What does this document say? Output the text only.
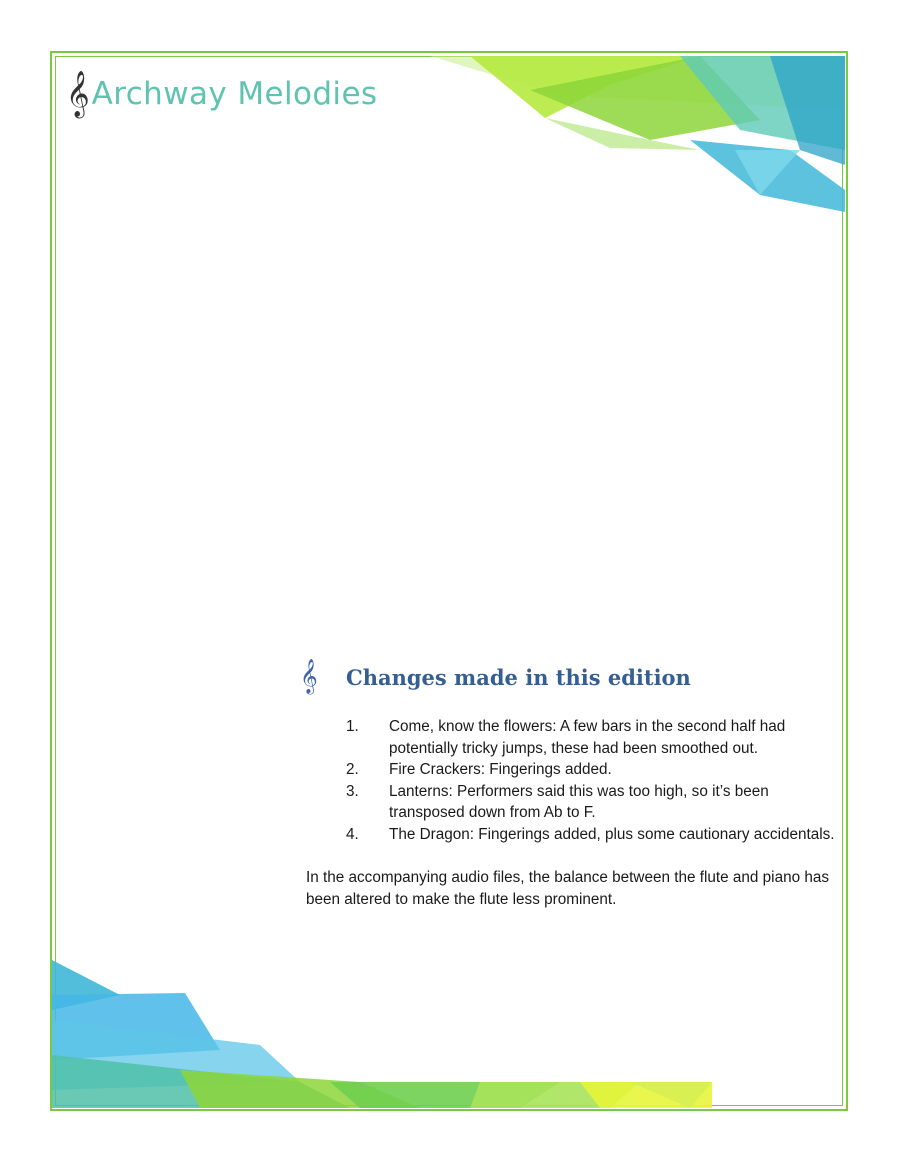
𝄞 Archway Melodies
𝄞	Changes made in this edition
1.	Come, know the flowers: A few bars in the second half had potentially tricky jumps, these had been smoothed out.
2.	Fire Crackers: Fingerings added.
3.	Lanterns: Performers said this was too high, so it’s been transposed down from Ab to F.
4.	The Dragon: Fingerings added, plus some cautionary accidentals.

In the accompanying audio files, the balance between the flute and piano has been altered to make the flute less prominent.
